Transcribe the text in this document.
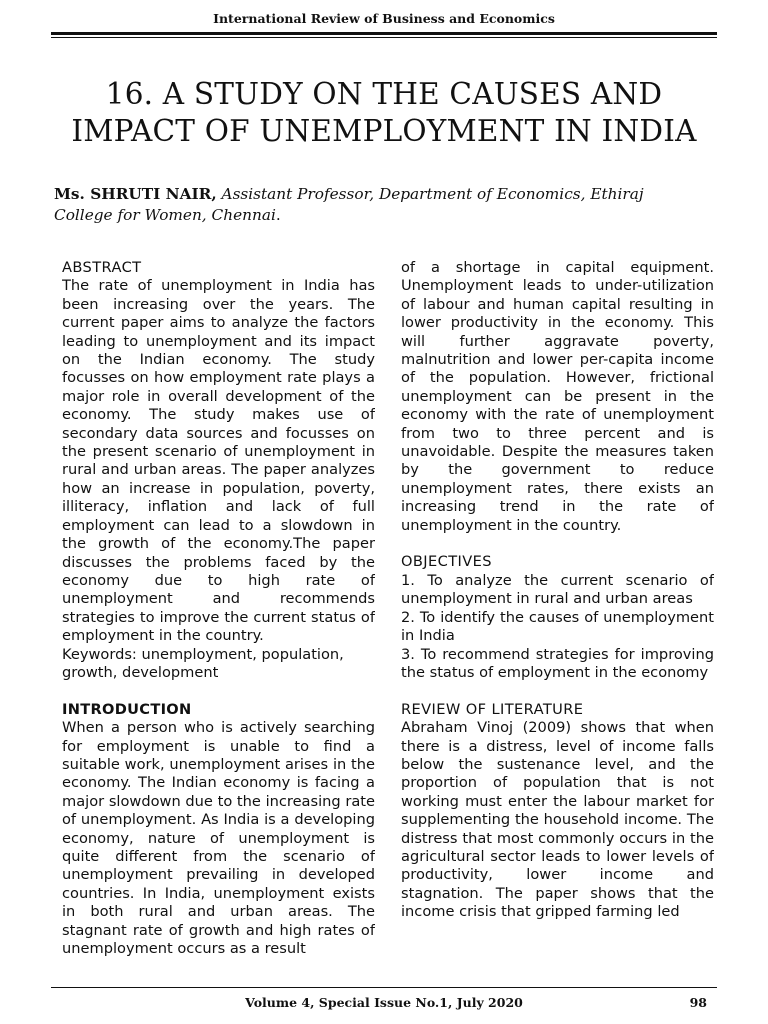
International Review of Business and Economics
16. A STUDY ON THE CAUSES AND
IMPACT OF UNEMPLOYMENT IN INDIA
Ms. SHRUTI NAIR, Assistant Professor, Department of Economics, Ethiraj
College for Women, Chennai.

ABSTRACT

The rate of unemployment in India has been increasing over the years. The current paper aims to analyze the factors leading to unemployment and its impact on the Indian economy. The study focusses on how employment rate plays a major role in overall development of the economy. The study makes use of secondary data sources and focusses on the present scenario of unemployment in rural and urban areas. The paper analyzes how an increase in population, poverty, illiteracy, inflation and lack of full employment can lead to a slowdown in the growth of the economy.The paper discusses the problems faced by the economy due to high rate of unemployment and recommends strategies to improve the current status of employment in the country.

Keywords: unemployment, population, growth, development

INTRODUCTION

When a person who is actively searching for employment is unable to find a suitable work, unemployment arises in the economy. The Indian economy is facing a major slowdown due to the increasing rate of unemployment. As India is a developing economy, nature of unemployment is quite different from the scenario of unemployment prevailing in developed countries. In India, unemployment exists in both rural and urban areas. The stagnant rate of growth and high rates of unemployment occurs as a result

of a shortage in capital equipment. Unemployment leads to under-utilization of labour and human capital resulting in lower productivity in the economy. This will further aggravate poverty, malnutrition and lower per-capita income of the population. However, frictional unemployment can be present in the economy with the rate of unemployment from two to three percent and is unavoidable. Despite the measures taken by the government to reduce unemployment rates, there exists an increasing trend in the rate of unemployment in the country.

OBJECTIVES

1. To analyze the current scenario of unemployment in rural and urban areas

2. To identify the causes of unemployment in India

3. To recommend strategies for improving the status of employment in the economy

REVIEW OF LITERATURE

Abraham Vinoj (2009) shows that when there is a distress, level of income falls below the sustenance level, and the proportion of population that is not working must enter the labour market for supplementing the household income. The distress that most commonly occurs in the agricultural sector leads to lower levels of productivity, lower income and stagnation. The paper shows that the income crisis that gripped farming led

Volume 4, Special Issue No.1, July 2020	98
